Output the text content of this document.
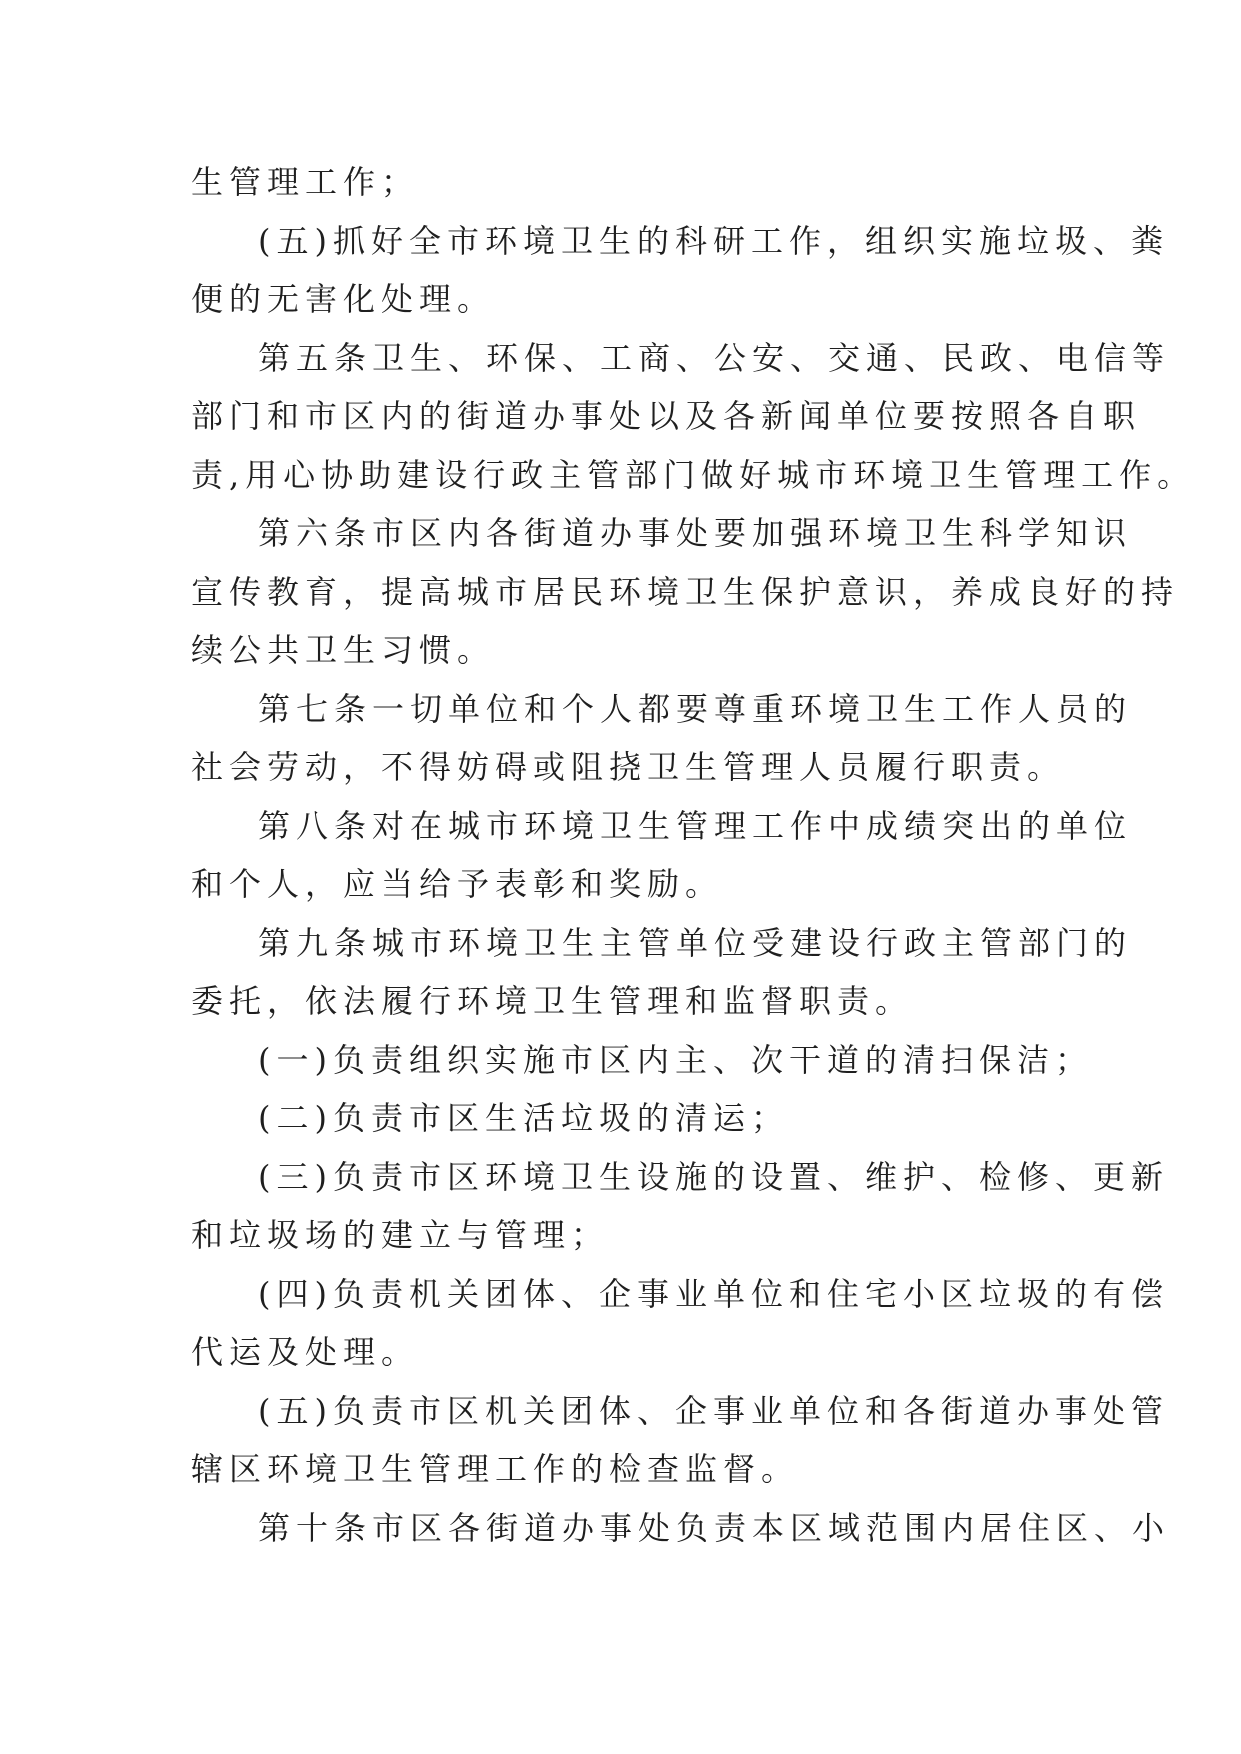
生管理工作；
(五)抓好全市环境卫生的科研工作，组织实施垃圾、粪
便的无害化处理。
第五条卫生、环保、工商、公安、交通、民政、电信等
部门和市区内的街道办事处以及各新闻单位要按照各自职
责,用心协助建设行政主管部门做好城市环境卫生管理工作。
第六条市区内各街道办事处要加强环境卫生科学知识
宣传教育，提高城市居民环境卫生保护意识，养成良好的持
续公共卫生习惯。
第七条一切单位和个人都要尊重环境卫生工作人员的
社会劳动，不得妨碍或阻挠卫生管理人员履行职责。
第八条对在城市环境卫生管理工作中成绩突出的单位
和个人，应当给予表彰和奖励。
第九条城市环境卫生主管单位受建设行政主管部门的
委托，依法履行环境卫生管理和监督职责。
(一)负责组织实施市区内主、次干道的清扫保洁；
(二)负责市区生活垃圾的清运；
(三)负责市区环境卫生设施的设置、维护、检修、更新
和垃圾场的建立与管理；
(四)负责机关团体、企事业单位和住宅小区垃圾的有偿
代运及处理。
(五)负责市区机关团体、企事业单位和各街道办事处管
辖区环境卫生管理工作的检查监督。
第十条市区各街道办事处负责本区域范围内居住区、小
